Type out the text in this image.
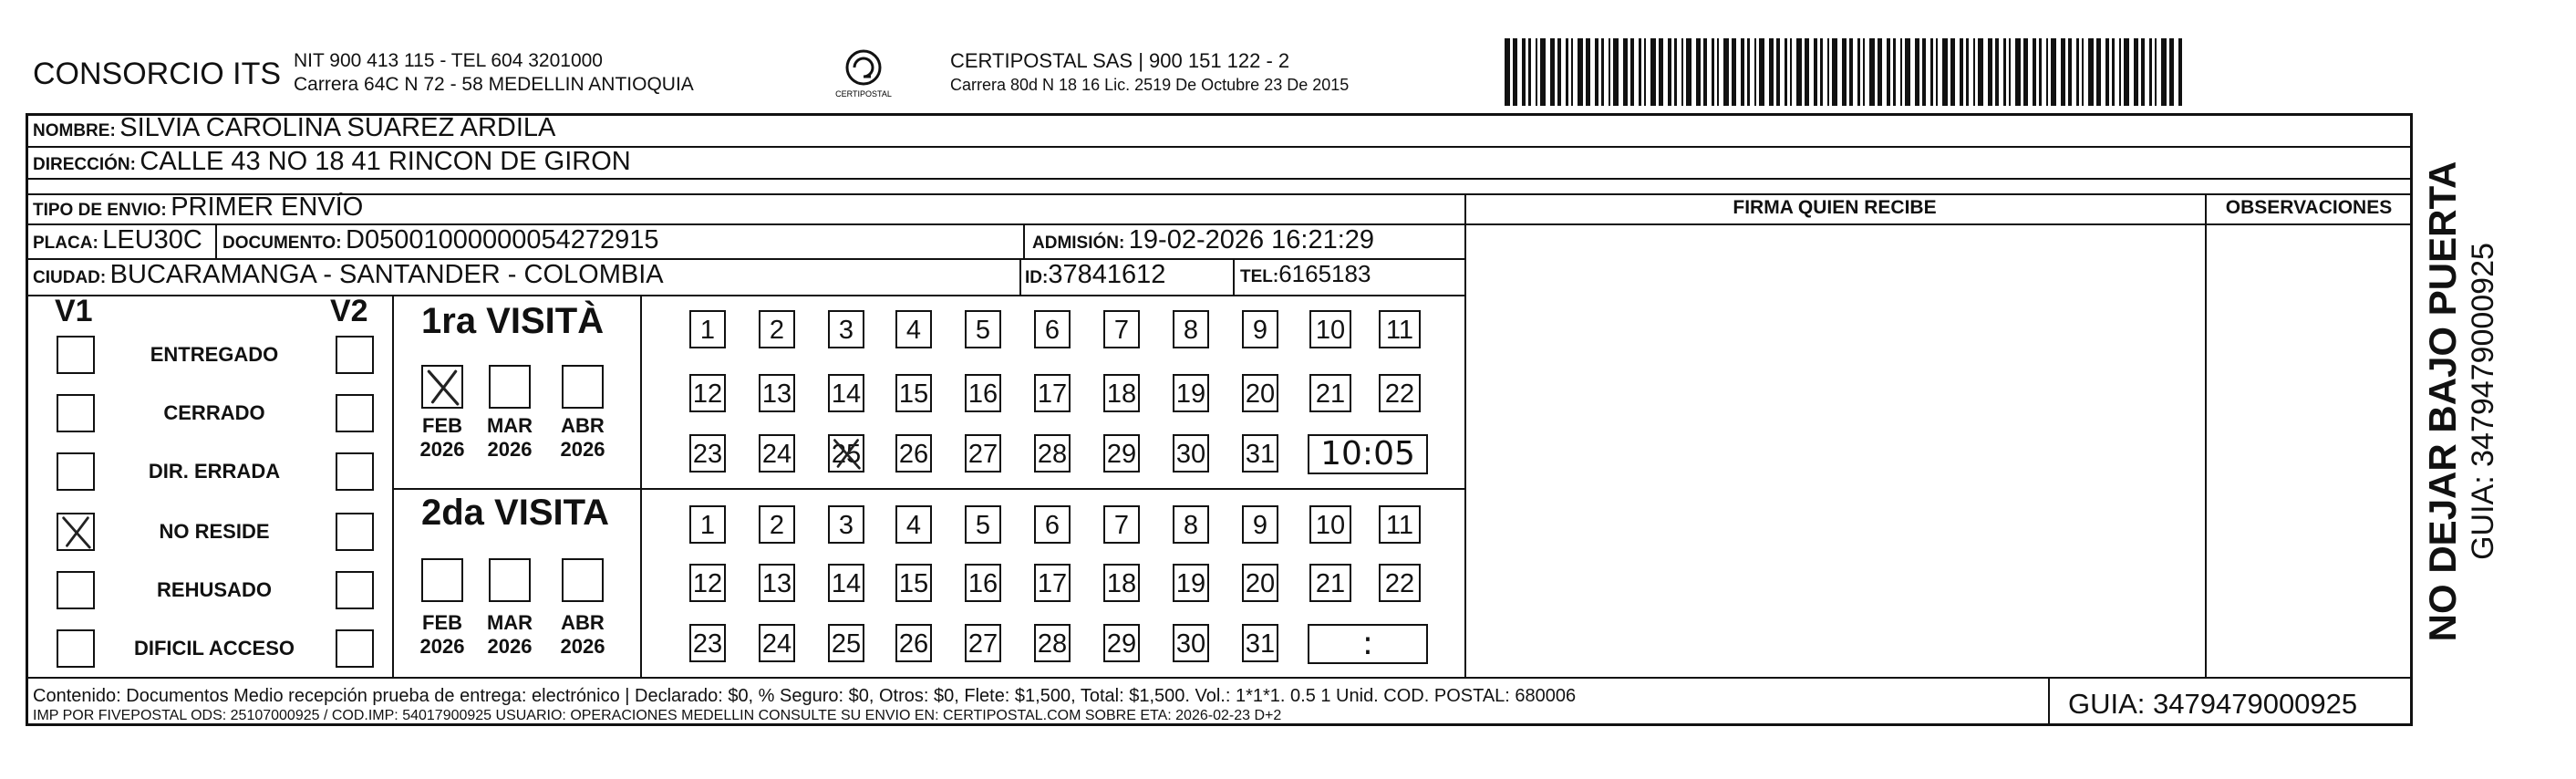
CONSORCIO ITS NIT 900 413 115 - TEL 604 3201000
Carrera 64C N 72 - 58 MEDELLIN ANTIOQUIA	CERTIPOSTAL
CERTIPOSTAL SAS | 900 151 122 - 2
Carrera 80d N 18 16 Lic. 2519 De Octubre 23 De 2015
NOMBRE: SILVIA CAROLINA SUAREZ ARDILA
DIRECCIÓN: CALLE 43 NO 18 41 RINCON DE GIRON
TIPO DE ENVIO: PRIMER ENVÍO	FIRMA QUIEN RECIBE	OBSERVACIONES
PLACA: LEU30C DOCUMENTO: D05001000000054272915	ADMISIÓN: 19-02-2026 16:21:29
CIUDAD: BUCARAMANGA - SANTANDER - COLOMBIA	ID:37841612	TEL:6165183
V1	V2
ENTREGADO
CERRADO
DIR. ERRADA
NO RESIDE
REHUSADO
DIFICIL ACCESO
1ra VISITÀ
FEB
2026
MAR
2026
ABR
2026
1	2	3	4	5	6	7	8	9	10 11
12 13 14 15 16 17 18 19 20 21 22
23 24 25 26 27 28 29 30 31	10:05
2da VISITA
FEB
2026
MAR
2026
ABR
2026
1	2	3	4	5	6	7	8	9	10 11
12 13 14 15 16 17 18 19 20 21 22
23 24 25 26 27 28 29 30 31	:
Contenido: Documentos Medio recepción prueba de entrega: electrónico | Declarado: $0, % Seguro: $0, Otros: $0, Flete: $1,500, Total: $1,500. Vol.: 1*1*1. 0.5 1 Unid. COD. POSTAL: 680006
IMP POR FIVEPOSTAL ODS: 25107000925 / COD.IMP: 54017900925 USUARIO: OPERACIONES MEDELLIN CONSULTE SU ENVIO EN: CERTIPOSTAL.COM SOBRE ETA: 2026-02-23 D+2	GUIA: 3479479000925
NO DEJAR BAJO PUERTA GUIA: 3479479000925
